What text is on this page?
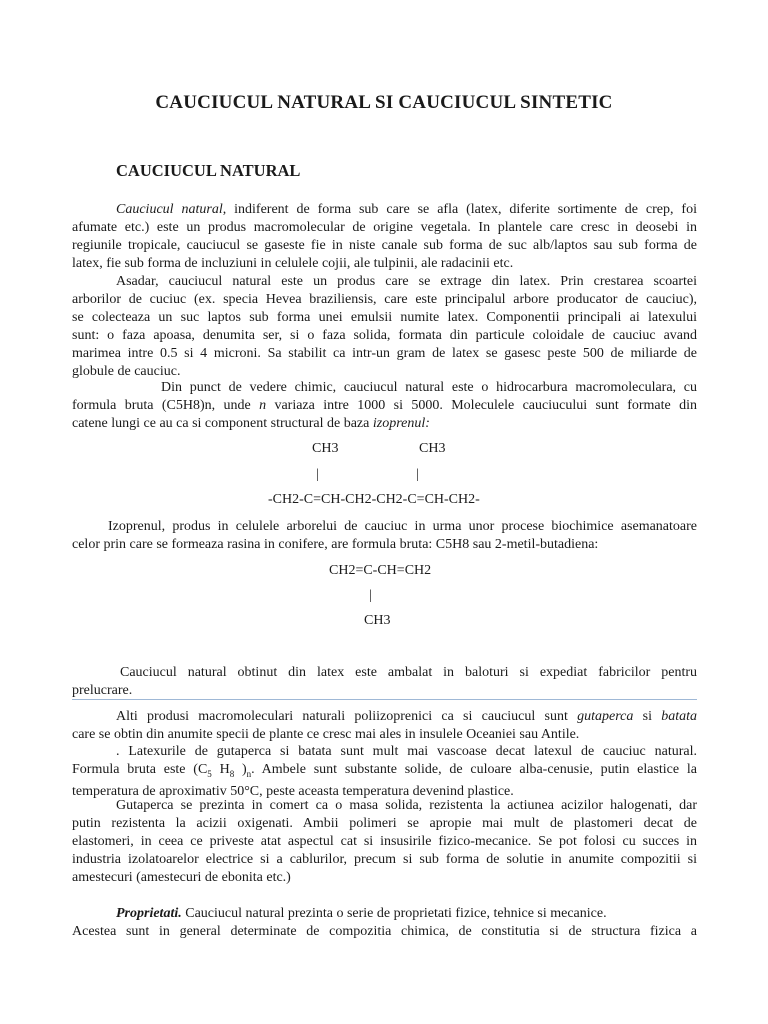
CAUCIUCUL NATURAL SI CAUCIUCUL SINTETIC
CAUCIUCUL NATURAL
Cauciucul natural, indiferent de forma sub care se afla (latex, diferite sortimente de crep, foi
afumate etc.) este un produs macromolecular de origine vegetala. In plantele care cresc in deosebi in
regiunile tropicale, cauciucul se gaseste fie in niste canale sub forma de suc alb/laptos sau sub forma de
latex, fie sub forma de incluziuni in celulele cojii, ale tulpinii, ale radacinii etc.
Asadar, cauciucul natural este un produs care se extrage din latex. Prin crestarea scoartei
arborilor de cuciuc (ex. specia Hevea braziliensis, care este principalul arbore producator de cauciuc),
se colecteaza un suc laptos sub forma unei emulsii numite latex. Componentii principali ai latexului
sunt: o faza apoasa, denumita ser, si o faza solida, formata din particule coloidale de cauciuc avand
marimea intre 0.5 si 4 microni. Sa stabilit ca intr-un gram de latex se gasesc peste 500 de miliarde de
globule de cauciuc.
Din punct de vedere chimic, cauciucul natural este o hidrocarbura macromoleculara, cu
formula bruta (C5H8)n, unde n variaza intre 1000 si 5000. Moleculele cauciucului sunt formate din
catene lungi ce au ca si component structural de baza izoprenul:
CH3	CH3
|	|
-CH2-C=CH-CH2-CH2-C=CH-CH2-
Izoprenul, produs in celulele arborelui de cauciuc in urma unor procese biochimice asemanatoare
celor prin care se formeaza rasina in conifere, are formula bruta: C5H8 sau 2-metil-butadiena:
CH2=C-CH=CH2
|
CH3
Cauciucul natural obtinut din latex este ambalat in baloturi si expediat fabricilor pentru
prelucrare.
Alti produsi macromoleculari naturali poliizoprenici ca si cauciucul sunt gutaperca si batata
care se obtin din anumite specii de plante ce cresc mai ales in insulele Oceaniei sau Antile.
. Latexurile de gutaperca si batata sunt mult mai vascoase decat latexul de cauciuc natural.
Formula bruta este ($C_5$ $H_8$ )$_n$. Ambele sunt substante solide, de culoare alba-cenusie, putin elastice la
temperatura de aproximativ 50°C, peste aceasta temperatura devenind plastice.
Gutaperca se prezinta in comert ca o masa solida, rezistenta la actiunea acizilor halogenati, dar
putin rezistenta la acizii oxigenati. Ambii polimeri se apropie mai mult de plastomeri decat de
elastomeri, in ceea ce priveste atat aspectul cat si insusirile fizico-mecanice. Se pot folosi cu succes in
industria izolatoarelor electrice si a cablurilor, precum si sub forma de solutie in anumite compozitii si
amestecuri (amestecuri de ebonita etc.)
Proprietati. Cauciucul natural prezinta o serie de proprietati fizice, tehnice si mecanice.
Acestea sunt in general determinate de compozitia chimica, de constitutia si de structura fizica a
